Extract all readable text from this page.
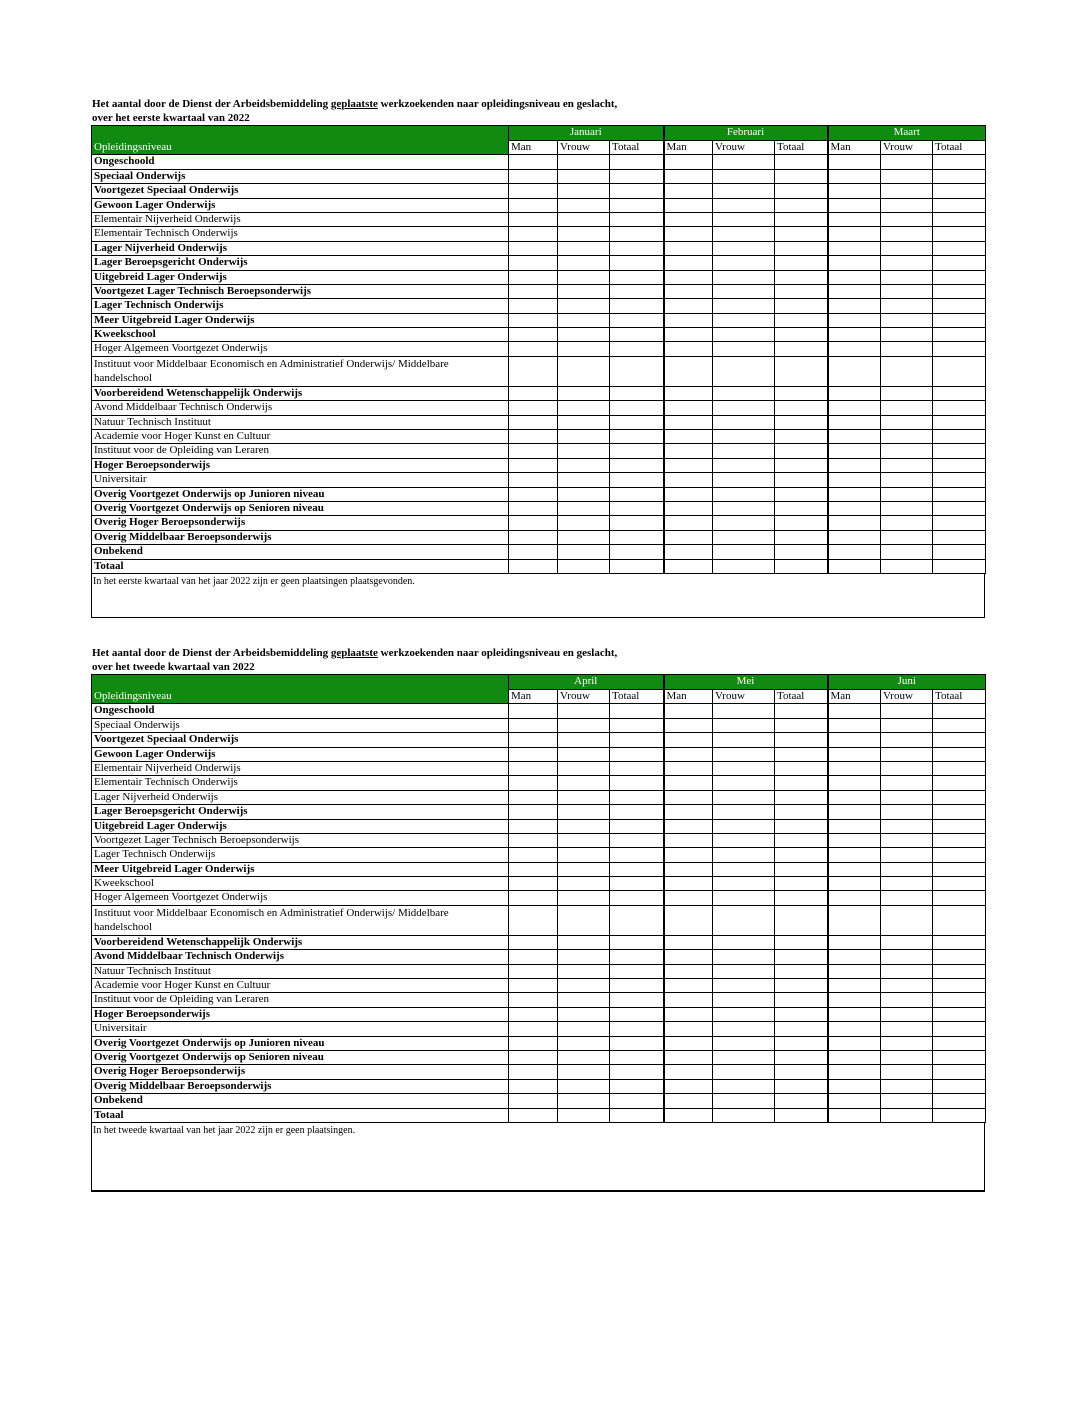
Het aantal door de Dienst der Arbeidsbemiddeling geplaatste werkzoekenden naar opleidingsniveau en geslacht,
over het eerste kwartaal van 2022
	Januari			Februari			Maart		
Opleidingsniveau	Man	Vrouw	Totaal	Man	Vrouw	Totaal	Man	Vrouw	Totaal
Ongeschoold									
Speciaal Onderwijs									
Voortgezet Speciaal Onderwijs									
Gewoon Lager Onderwijs									
Elementair Nijverheid Onderwijs									
Elementair Technisch Onderwijs									
Lager Nijverheid Onderwijs									
Lager Beroepsgericht Onderwijs									
Uitgebreid Lager Onderwijs									
Voortgezet Lager Technisch Beroepsonderwijs									
Lager Technisch Onderwijs									
Meer Uitgebreid Lager Onderwijs									
Kweekschool									
Hoger Algemeen Voortgezet Onderwijs									
Instituut voor Middelbaar Economisch en Administratief Onderwijs/ Middelbare handelschool									
Voorbereidend Wetenschappelijk Onderwijs									
Avond Middelbaar Technisch Onderwijs									
Natuur Technisch Instituut									
Academie voor Hoger Kunst en Cultuur									
Instituut voor de Opleiding van Leraren									
Hoger Beroepsonderwijs									
Universitair									
Overig Voortgezet Onderwijs op Junioren niveau									
Overig Voortgezet Onderwijs op Senioren niveau									
Overig Hoger Beroepsonderwijs									
Overig Middelbaar Beroepsonderwijs									
Onbekend									
Totaal									
In het eerste kwartaal van het jaar 2022 zijn er geen plaatsingen plaatsgevonden.
Het aantal door de Dienst der Arbeidsbemiddeling geplaatste werkzoekenden naar opleidingsniveau en geslacht,
over het tweede kwartaal van 2022
	April			Mei			Juni		
Opleidingsniveau	Man	Vrouw	Totaal	Man	Vrouw	Totaal	Man	Vrouw	Totaal
Ongeschoold									
Speciaal Onderwijs									
Voortgezet Speciaal Onderwijs									
Gewoon Lager Onderwijs									
Elementair Nijverheid Onderwijs									
Elementair Technisch Onderwijs									
Lager Nijverheid Onderwijs									
Lager Beroepsgericht Onderwijs									
Uitgebreid Lager Onderwijs									
Voortgezet Lager Technisch Beroepsonderwijs									
Lager Technisch Onderwijs									
Meer Uitgebreid Lager Onderwijs									
Kweekschool									
Hoger Algemeen Voortgezet Onderwijs									
Instituut voor Middelbaar Economisch en Administratief Onderwijs/ Middelbare handelschool									
Voorbereidend Wetenschappelijk Onderwijs									
Avond Middelbaar Technisch Onderwijs									
Natuur Technisch Instituut									
Academie voor Hoger Kunst en Cultuur									
Instituut voor de Opleiding van Leraren									
Hoger Beroepsonderwijs									
Universitair									
Overig Voortgezet Onderwijs op Junioren niveau									
Overig Voortgezet Onderwijs op Senioren niveau									
Overig Hoger Beroepsonderwijs									
Overig Middelbaar Beroepsonderwijs									
Onbekend									
Totaal									
In het tweede kwartaal van het jaar 2022 zijn er geen plaatsingen.
